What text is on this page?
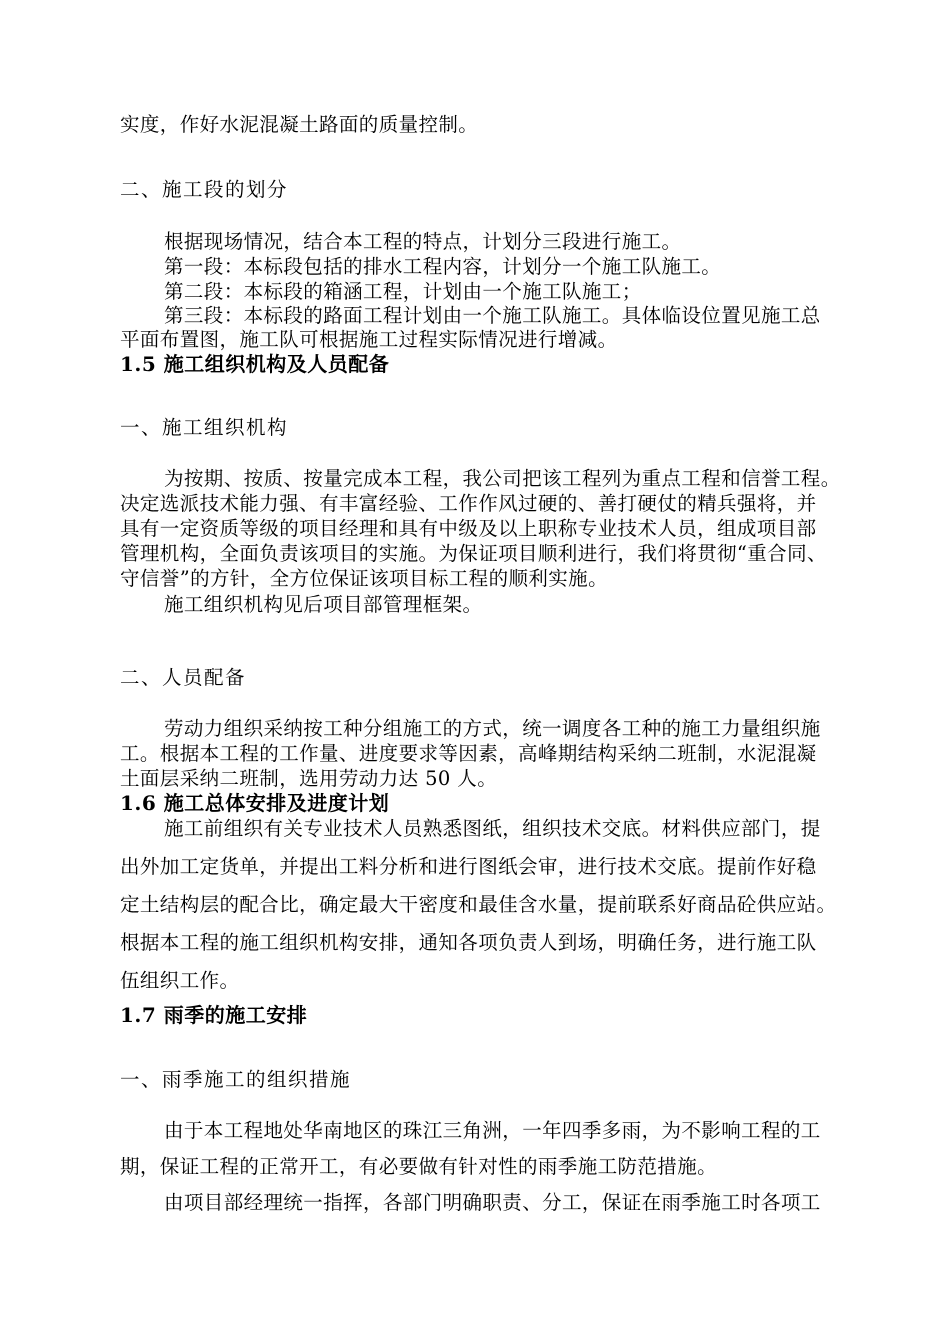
实度，作好水泥混凝土路面的质量控制。
二、施工段的划分
根据现场情况，结合本工程的特点，计划分三段进行施工。
第一段：本标段包括的排水工程内容，计划分一个施工队施工。
第二段：本标段的箱涵工程，计划由一个施工队施工；
第三段：本标段的路面工程计划由一个施工队施工。具体临设位置见施工总
平面布置图，施工队可根据施工过程实际情况进行增减。
1.5 施工组织机构及人员配备
一、施工组织机构
为按期、按质、按量完成本工程，我公司把该工程列为重点工程和信誉工程。
决定选派技术能力强、有丰富经验、工作作风过硬的、善打硬仗的精兵强将，并
具有一定资质等级的项目经理和具有中级及以上职称专业技术人员，组成项目部
管理机构，全面负责该项目的实施。为保证项目顺利进行，我们将贯彻“重合同、
守信誉”的方针，全方位保证该项目标工程的顺利实施。
施工组织机构见后项目部管理框架。
二、人员配备
劳动力组织采纳按工种分组施工的方式，统一调度各工种的施工力量组织施
工。根据本工程的工作量、进度要求等因素，高峰期结构采纳二班制，水泥混凝
土面层采纳二班制，选用劳动力达 50 人。
1.6 施工总体安排及进度计划
施工前组织有关专业技术人员熟悉图纸，组织技术交底。材料供应部门，提
出外加工定货单，并提出工料分析和进行图纸会审，进行技术交底。提前作好稳
定土结构层的配合比，确定最大干密度和最佳含水量，提前联系好商品砼供应站。
根据本工程的施工组织机构安排，通知各项负责人到场，明确任务，进行施工队
伍组织工作。
1.7 雨季的施工安排
一、雨季施工的组织措施
由于本工程地处华南地区的珠江三角洲，一年四季多雨，为不影响工程的工
期，保证工程的正常开工，有必要做有针对性的雨季施工防范措施。
由项目部经理统一指挥，各部门明确职责、分工，保证在雨季施工时各项工
